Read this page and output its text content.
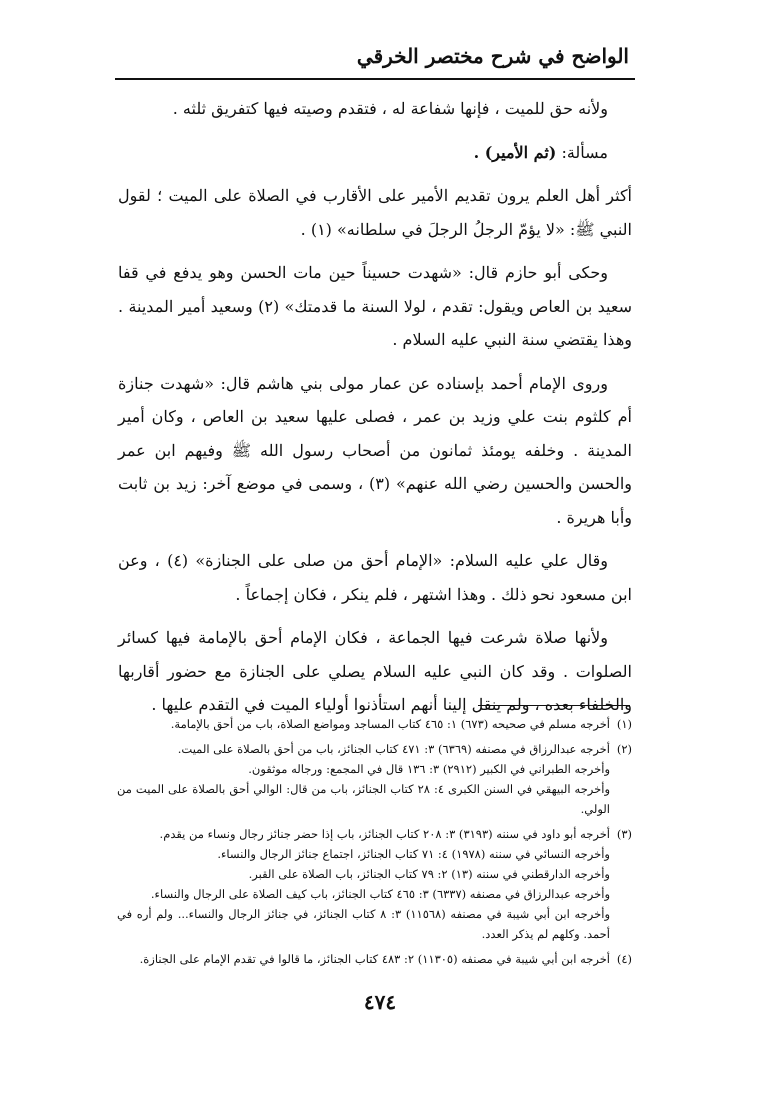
الواضح في شرح مختصر الخرقي

ولأنه حق للميت ، فإنها شفاعة له ، فتقدم وصيته فيها كتفريق ثلثه .

مسألة: (ثم الأمير) .

أكثر أهل العلم يرون تقديم الأمير على الأقارب في الصلاة على الميت ؛ لقول النبي ﷺ: «لا يؤمّ الرجلُ الرجلَ في سلطانه» (١) .

وحكى أبو حازم قال: «شهدت حسيناً حين مات الحسن وهو يدفع في قفا سعيد بن العاص ويقول: تقدم ، لولا السنة ما قدمتك» (٢) وسعيد أمير المدينة . وهذا يقتضي سنة النبي عليه السلام .

وروى الإمام أحمد بإسناده عن عمار مولى بني هاشم قال: «شهدت جنازة أم كلثوم بنت علي وزيد بن عمر ، فصلى عليها سعيد بن العاص ، وكان أمير المدينة . وخلفه يومئذ ثمانون من أصحاب رسول الله ﷺ وفيهم ابن عمر والحسن والحسين رضي الله عنهم» (٣) ، وسمى في موضع آخر: زيد بن ثابت وأبا هريرة .

وقال علي عليه السلام: «الإمام أحق من صلى على الجنازة» (٤) ، وعن ابن مسعود نحو ذلك . وهذا اشتهر ، فلم ينكر ، فكان إجماعاً .

ولأنها صلاة شرعت فيها الجماعة ، فكان الإمام أحق بالإمامة فيها كسائر الصلوات . وقد كان النبي عليه السلام يصلي على الجنازة مع حضور أقاربها والخلفاء بعده ، ولم ينقل إلينا أنهم استأذنوا أولياء الميت في التقدم عليها .

(١)
أخرجه مسلم في صحيحه (٦٧٣) ١: ٤٦٥ كتاب المساجد ومواضع الصلاة، باب من أحق بالإمامة.
(٢)
أخرجه عبدالرزاق في مصنفه (٦٣٦٩) ٣: ٤٧١ كتاب الجنائز، باب من أحق بالصلاة على الميت.
وأخرجه الطبراني في الكبير (٢٩١٢) ٣: ١٣٦ قال في المجمع: ورجاله موثقون.
وأخرجه البيهقي في السنن الكبرى ٤: ٢٨ كتاب الجنائز، باب من قال: الوالي أحق بالصلاة على الميت من الولي.
(٣)
أخرجه أبو داود في سننه (٣١٩٣) ٣: ٢٠٨ كتاب الجنائز، باب إذا حضر جنائز رجال ونساء من يقدم.
وأخرجه النسائي في سننه (١٩٧٨) ٤: ٧١ كتاب الجنائز، اجتماع جنائز الرجال والنساء.
وأخرجه الدارقطني في سننه (١٣) ٢: ٧٩ كتاب الجنائز، باب الصلاة على القبر.
وأخرجه عبدالرزاق في مصنفه (٦٣٣٧) ٣: ٤٦٥ كتاب الجنائز، باب كيف الصلاة على الرجال والنساء.
وأخرجه ابن أبي شيبة في مصنفه (١١٥٦٨) ٣: ٨ كتاب الجنائز، في جنائز الرجال والنساء... ولم أره في أحمد. وكلهم لم يذكر العدد.
(٤)
أخرجه ابن أبي شيبة في مصنفه (١١٣٠٥) ٢: ٤٨٣ كتاب الجنائز، ما قالوا في تقدم الإمام على الجنازة.
٤٧٤
